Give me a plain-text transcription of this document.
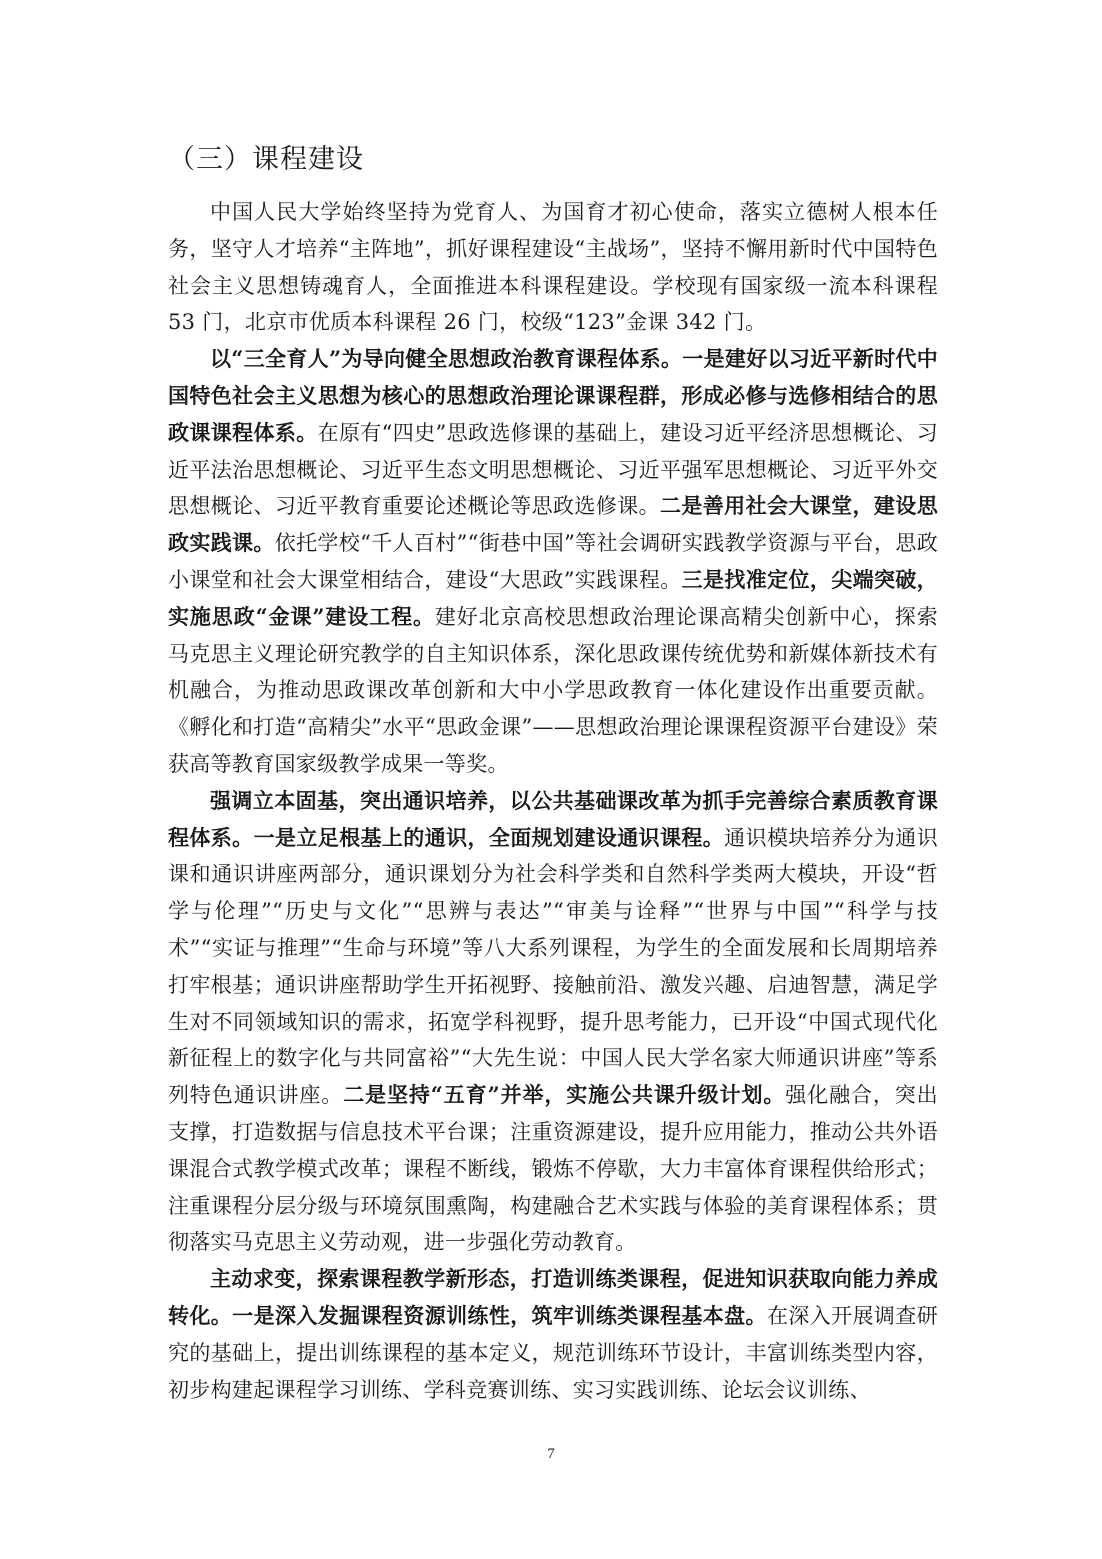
（三）课程建设

中国人民大学始终坚持为党育人、为国育才初心使命，落实立德树人根本任务，坚守人才培养“主阵地”，抓好课程建设“主战场”，坚持不懈用新时代中国特色社会主义思想铸魂育人，全面推进本科课程建设。学校现有国家级一流本科课程 53 门，北京市优质本科课程 26 门，校级“123”金课 342 门。

以“三全育人”为导向健全思想政治教育课程体系。一是建好以习近平新时代中国特色社会主义思想为核心的思想政治理论课课程群，形成必修与选修相结合的思政课课程体系。在原有“四史”思政选修课的基础上，建设习近平经济思想概论、习近平法治思想概论、习近平生态文明思想概论、习近平强军思想概论、习近平外交思想概论、习近平教育重要论述概论等思政选修课。二是善用社会大课堂，建设思政实践课。依托学校“千人百村”“街巷中国”等社会调研实践教学资源与平台，思政小课堂和社会大课堂相结合，建设“大思政”实践课程。三是找准定位，尖端突破，实施思政“金课”建设工程。建好北京高校思想政治理论课高精尖创新中心，探索马克思主义理论研究教学的自主知识体系，深化思政课传统优势和新媒体新技术有机融合，为推动思政课改革创新和大中小学思政教育一体化建设作出重要贡献。《孵化和打造“高精尖”水平“思政金课”——思想政治理论课课程资源平台建设》荣获高等教育国家级教学成果一等奖。

强调立本固基，突出通识培养，以公共基础课改革为抓手完善综合素质教育课程体系。一是立足根基上的通识，全面规划建设通识课程。通识模块培养分为通识课和通识讲座两部分，通识课划分为社会科学类和自然科学类两大模块，开设“哲学与伦理”“历史与文化”“思辨与表达”“审美与诠释”“世界与中国”“科学与技术”“实证与推理”“生命与环境”等八大系列课程，为学生的全面发展和长周期培养打牢根基；通识讲座帮助学生开拓视野、接触前沿、激发兴趣、启迪智慧，满足学生对不同领域知识的需求，拓宽学科视野，提升思考能力，已开设“中国式现代化新征程上的数字化与共同富裕”“大先生说：中国人民大学名家大师通识讲座”等系列特色通识讲座。二是坚持“五育”并举，实施公共课升级计划。强化融合，突出支撑，打造数据与信息技术平台课；注重资源建设，提升应用能力，推动公共外语课混合式教学模式改革；课程不断线，锻炼不停歇，大力丰富体育课程供给形式；注重课程分层分级与环境氛围熏陶，构建融合艺术实践与体验的美育课程体系；贯彻落实马克思主义劳动观，进一步强化劳动教育。

主动求变，探索课程教学新形态，打造训练类课程，促进知识获取向能力养成转化。一是深入发掘课程资源训练性，筑牢训练类课程基本盘。在深入开展调查研究的基础上，提出训练课程的基本定义，规范训练环节设计，丰富训练类型内容，初步构建起课程学习训练、学科竞赛训练、实习实践训练、论坛会议训练、

7
